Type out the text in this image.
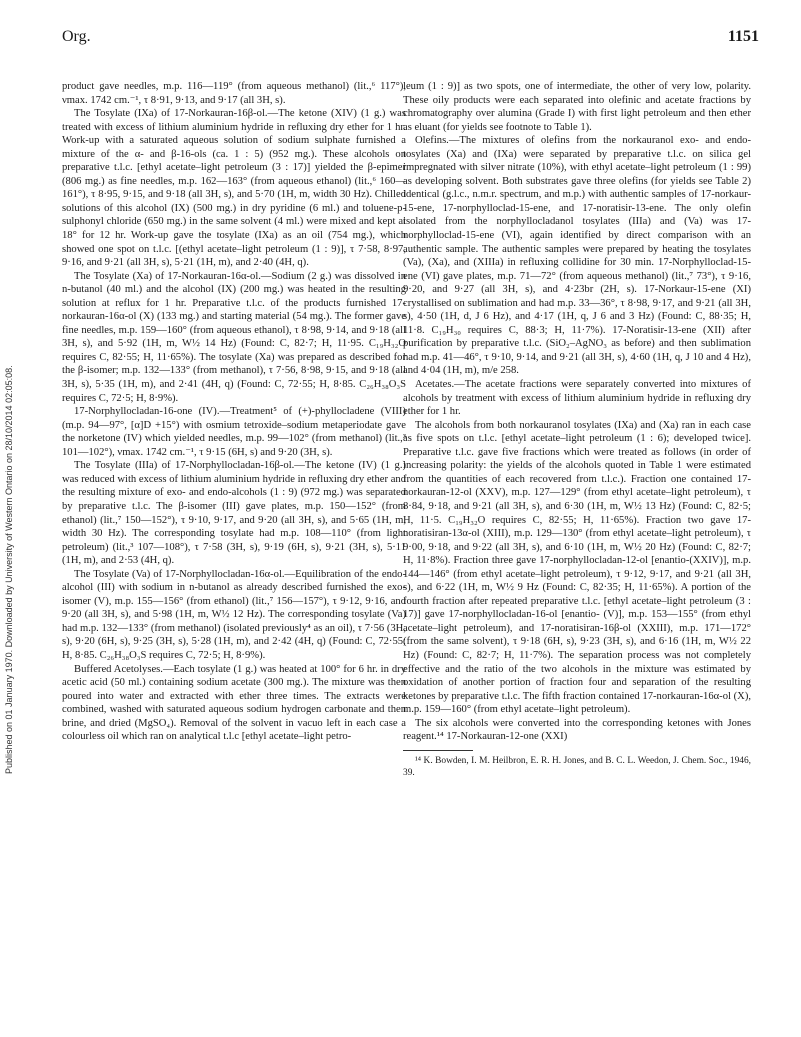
Published on 01 January 1970. Downloaded by University of Western Ontario on 28/10/2014 02:05:08.
Org.	1151

product gave needles, m.p. 116—119° (from aqueous methanol) (lit.,⁶ 117°), νmax. 1742 cm.⁻¹, τ 8·91, 9·13, and 9·17 (all 3H, s).

The Tosylate (IXa) of 17-Norkauran-16β-ol.—The ketone (XIV) (1 g.) was treated with excess of lithium aluminium hydride in refluxing dry ether for 1 hr. Work-up with a saturated aqueous solution of sodium sulphate furnished a mixture of the α- and β-16-ols (ca. 1 : 5) (952 mg.). These alcohols on preparative t.l.c. [ethyl acetate–light petroleum (3 : 17)] yielded the β-epimer (806 mg.) as fine needles, m.p. 162—163° (from aqueous ethanol) (lit.,⁶ 160—161°), τ 8·95, 9·15, and 9·18 (all 3H, s), and 5·70 (1H, m, width 30 Hz). Chilled solutions of this alcohol (IX) (500 mg.) in dry pyridine (6 ml.) and toluene-p-sulphonyl chloride (650 mg.) in the same solvent (4 ml.) were mixed and kept at 18° for 12 hr. Work-up gave the tosylate (IXa) as an oil (754 mg.), which showed one spot on t.l.c. [(ethyl acetate–light petroleum (1 : 9)], τ 7·58, 8·97, 9·16, and 9·21 (all 3H, s), 5·21 (1H, m), and 2·40 (4H, q).

The Tosylate (Xa) of 17-Norkauran-16α-ol.—Sodium (2 g.) was dissolved in n-butanol (40 ml.) and the alcohol (IX) (200 mg.) was heated in the resulting solution at reflux for 1 hr. Preparative t.l.c. of the products furnished 17-norkauran-16α-ol (X) (133 mg.) and starting material (54 mg.). The former gave fine needles, m.p. 159—160° (from aqueous ethanol), τ 8·98, 9·14, and 9·18 (all 3H, s), and 5·92 (1H, m, W½ 14 Hz) (Found: C, 82·7; H, 11·95. C₁₉H₃₂O requires C, 82·55; H, 11·65%). The tosylate (Xa) was prepared as described for the β-isomer; m.p. 132—133° (from methanol), τ 7·56, 8·98, 9·15, and 9·18 (all 3H, s), 5·35 (1H, m), and 2·41 (4H, q) (Found: C, 72·55; H, 8·85. C₂₆H₃₈O₃S requires C, 72·5; H, 8·9%).

17-Norphyllocladan-16-one (IV).—Treatment⁵ of (+)-phyllocladene (VIII) (m.p. 94—97°, [α]D +15°) with osmium tetroxide–sodium metaperiodate gave the norketone (IV) which yielded needles, m.p. 99—102° (from methanol) (lit.,³ 101—102°), νmax. 1742 cm.⁻¹, τ 9·15 (6H, s) and 9·20 (3H, s).

The Tosylate (IIIa) of 17-Norphyllocladan-16β-ol.—The ketone (IV) (1 g.) was reduced with excess of lithium aluminium hydride in refluxing dry ether and the resulting mixture of exo- and endo-alcohols (1 : 9) (972 mg.) was separated by preparative t.l.c. The β-isomer (III) gave plates, m.p. 150—152° (from ethanol) (lit.,⁷ 150—152°), τ 9·10, 9·17, and 9·20 (all 3H, s), and 5·65 (1H, m, width 30 Hz). The corresponding tosylate had m.p. 108—110° (from light petroleum) (lit.,³ 107—108°), τ 7·58 (3H, s), 9·19 (6H, s), 9·21 (3H, s), 5·11 (1H, m), and 2·53 (4H, q).

The Tosylate (Va) of 17-Norphyllocladan-16α-ol.—Equilibration of the endo-alcohol (III) with sodium in n-butanol as already described furnished the exo-isomer (V), m.p. 155—156° (from ethanol) (lit.,⁷ 156—157°), τ 9·12, 9·16, and 9·20 (all 3H, s), and 5·98 (1H, m, W½ 12 Hz). The corresponding tosylate (Va) had m.p. 132—133° (from methanol) (isolated previously⁴ as an oil), τ 7·56 (3H, s), 9·20 (6H, s), 9·25 (3H, s), 5·28 (1H, m), and 2·42 (4H, q) (Found: C, 72·55; H, 8·85. C₂₆H₃₈O₃S requires C, 72·5; H, 8·9%).

Buffered Acetolyses.—Each tosylate (1 g.) was heated at 100° for 6 hr. in dry acetic acid (50 ml.) containing sodium acetate (300 mg.). The mixture was then poured into water and extracted with ether three times. The extracts were combined, washed with saturated aqueous sodium hydrogen carbonate and then brine, and dried (MgSO₄). Removal of the solvent in vacuo left in each case a colourless oil which ran on analytical t.l.c [ethyl acetate–light petro-

leum (1 : 9)] as two spots, one of intermediate, the other of very low, polarity. These oily products were each separated into olefinic and acetate fractions by chromatography over alumina (Grade I) with first light petroleum and then ether as eluant (for yields see footnote to Table 1).

Olefins.—The mixtures of olefins from the norkauranol exo- and endo-tosylates (Xa) and (IXa) were separated by preparative t.l.c. on silica gel impregnated with silver nitrate (10%), with ethyl acetate–light petroleum (1 : 99) as developing solvent. Both substrates gave three olefins (for yields see Table 2) identical (g.l.c., n.m.r. spectrum, and m.p.) with authentic samples of 17-norkaur-15-ene, 17-norphylloclad-15-ene, and 17-noratisir-13-ene. The only olefin isolated from the norphyllocladanol tosylates (IIIa) and (Va) was 17-norphylloclad-15-ene (VI), again identified by direct comparison with an authentic sample. The authentic samples were prepared by heating the tosylates (Va), (Xa), and (XIIIa) in refluxing collidine for 30 min. 17-Norphylloclad-15-ene (VI) gave plates, m.p. 71—72° (from aqueous methanol) (lit.,⁷ 73°), τ 9·16, 9·20, and 9·27 (all 3H, s), and 4·23br (2H, s). 17-Norkaur-15-ene (XI) crystallised on sublimation and had m.p. 33—36°, τ 8·98, 9·17, and 9·21 (all 3H, s), 4·50 (1H, d, J 6 Hz), and 4·17 (1H, q, J 6 and 3 Hz) (Found: C, 88·35; H, 11·8. C₁₉H₃₀ requires C, 88·3; H, 11·7%). 17-Noratisir-13-ene (XII) after purification by preparative t.l.c. (SiO₂–AgNO₃ as before) and then sublimation had m.p. 41—46°, τ 9·10, 9·14, and 9·21 (all 3H, s), 4·60 (1H, q, J 10 and 4 Hz), and 4·04 (1H, m), m/e 258.

Acetates.—The acetate fractions were separately converted into mixtures of alcohols by treatment with excess of lithium aluminium hydride in refluxing dry ether for 1 hr.

The alcohols from both norkauranol tosylates (IXa) and (Xa) ran in each case as five spots on t.l.c. [ethyl acetate–light petroleum (1 : 6); developed twice]. Preparative t.l.c. gave five fractions which were treated as follows (in order of increasing polarity: the yields of the alcohols quoted in Table 1 were estimated from the quantities of each recovered from t.l.c.). Fraction one contained 17-norkauran-12-ol (XXV), m.p. 127—129° (from ethyl acetate–light petroleum), τ 8·84, 9·18, and 9·21 (all 3H, s), and 6·30 (1H, m, W½ 13 Hz) (Found: C, 82·5; H, 11·5. C₁₉H₃₂O requires C, 82·55; H, 11·65%). Fraction two gave 17-noratisiran-13α-ol (XIII), m.p. 129—130° (from ethyl acetate–light petroleum), τ 9·00, 9·18, and 9·22 (all 3H, s), and 6·10 (1H, m, W½ 20 Hz) (Found: C, 82·7; H, 11·8%). Fraction three gave 17-norphyllocladan-12-ol [enantio-(XXIV)], m.p. 144—146° (from ethyl acetate–light petroleum), τ 9·12, 9·17, and 9·21 (all 3H, s), and 6·22 (1H, m, W½ 9 Hz (Found: C, 82·35; H, 11·65%). A portion of the fourth fraction after repeated preparative t.l.c. [ethyl acetate–light petroleum (3 : 17)] gave 17-norphyllocladan-16-ol [enantio- (V)], m.p. 153—155° (from ethyl acetate–light petroleum), and 17-noratisiran-16β-ol (XXIII), m.p. 171—172° (from the same solvent), τ 9·18 (6H, s), 9·23 (3H, s), and 6·16 (1H, m, W½ 22 Hz) (Found: C, 82·7; H, 11·7%). The separation process was not completely effective and the ratio of the two alcohols in the mixture was estimated by oxidation of another portion of fraction four and separation of the resulting ketones by preparative t.l.c. The fifth fraction contained 17-norkauran-16α-ol (X), m.p. 159—160° (from ethyl acetate–light petroleum).

The six alcohols were converted into the corresponding ketones with Jones reagent.¹⁴ 17-Norkauran-12-one (XXI)

¹⁴ K. Bowden, I. M. Heilbron, E. R. H. Jones, and B. C. L. Weedon, J. Chem. Soc., 1946, 39.
